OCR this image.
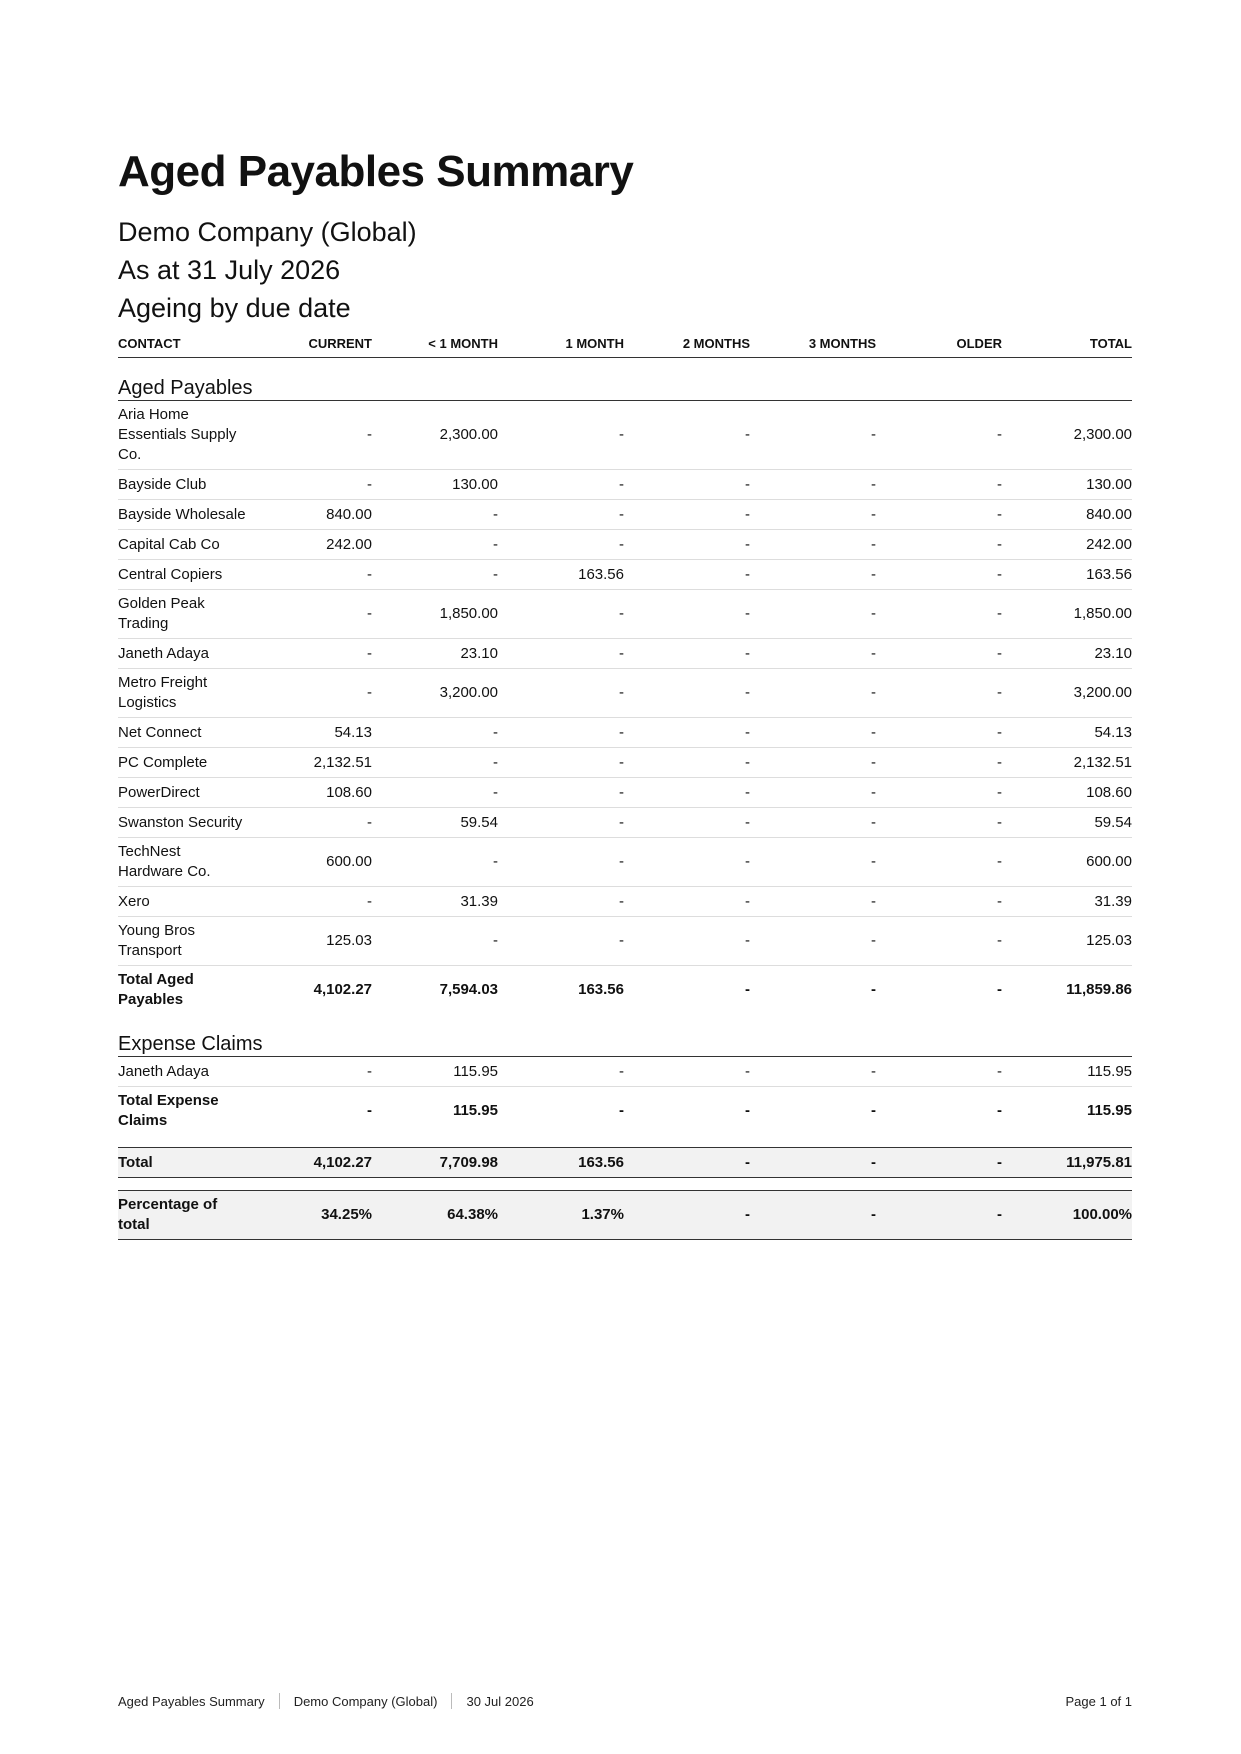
Aged Payables Summary
Demo Company (Global)
As at 31 July 2026
Ageing by due date
CONTACT	CURRENT	< 1 MONTH	1 MONTH	2 MONTHS	3 MONTHS	OLDER	TOTAL
Aged Payables							
Aria Home Essentials Supply Co.	-	2,300.00	-	-	-	-	2,300.00
Bayside Club	-	130.00	-	-	-	-	130.00
Bayside Wholesale	840.00	-	-	-	-	-	840.00
Capital Cab Co	242.00	-	-	-	-	-	242.00
Central Copiers	-	-	163.56	-	-	-	163.56
Golden Peak Trading	-	1,850.00	-	-	-	-	1,850.00
Janeth Adaya	-	23.10	-	-	-	-	23.10
Metro Freight Logistics	-	3,200.00	-	-	-	-	3,200.00
Net Connect	54.13	-	-	-	-	-	54.13
PC Complete	2,132.51	-	-	-	-	-	2,132.51
PowerDirect	108.60	-	-	-	-	-	108.60
Swanston Security	-	59.54	-	-	-	-	59.54
TechNest Hardware Co.	600.00	-	-	-	-	-	600.00
Xero	-	31.39	-	-	-	-	31.39
Young Bros Transport	125.03	-	-	-	-	-	125.03
Total Aged Payables	4,102.27	7,594.03	163.56	-	-	-	11,859.86
Expense Claims							
Janeth Adaya	-	115.95	-	-	-	-	115.95
Total Expense Claims	-	115.95	-	-	-	-	115.95

Total	4,102.27	7,709.98	163.56	-	-	-	11,975.81

Percentage of total	34.25%	64.38%	1.37%	-	-	-	100.00%
Aged Payables Summary Demo Company (Global) 30 Jul 2026	Page 1 of 1
